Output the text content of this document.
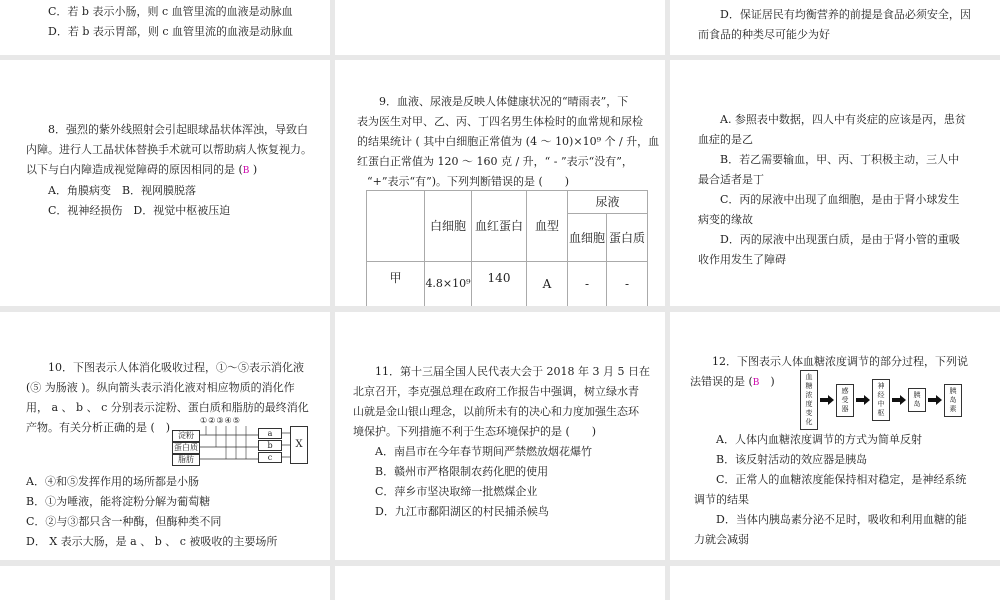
C．若 b 表示小肠，则 c 血管里流的血液是动脉血

D．若 b 表示胃部，则 c 血管里流的血液是动脉血

D．保证居民有均衡营养的前提是食品必须安全，因

而食品的种类尽可能少为好

8．强烈的紫外线照射会引起眼球晶状体浑浊，导致白

内障。进行人工晶状体替换手术就可以帮助病人恢复视力。

以下与白内障造成视觉障碍的原因相同的是 (B )

A．角膜病变　B．视网膜脱落

C．视神经损伤　D．视觉中枢被压迫

9．血液、尿液是反映人体健康状况的“晴雨表”，下

表为医生对甲、乙、丙、丁四名男生体检时的血常规和尿检

的结果统计 ( 其中白细胞正常值为 (4 ～ 10)×10⁹ 个 / 升，血

红蛋白正常值为 120 ～ 160 克 / 升，“ - ”表示“没有”，

“+”表示“有”)。下列判断错误的是 (　　)

	白细胞	血红蛋白	血型	尿液	
				血细胞	蛋白质
甲	4.8×10⁹	140	A	-	-

A. 参照表中数据，四人中有炎症的应该是丙，患贫

血症的是乙

B．若乙需要输血，甲、丙、丁积极主动，三人中

最合适者是丁

C．丙的尿液中出现了血细胞，是由于肾小球发生

病变的缘故

D．丙的尿液中出现蛋白质，是由于肾小管的重吸

收作用发生了障碍

10．下图表示人体消化吸收过程，①～⑤表示消化液

(⑤ 为肠液 )。纵向箭头表示消化液对相应物质的消化作

用， a 、 b 、 c 分别表示淀粉、蛋白质和脂肪的最终消化

产物。有关分析正确的是 (　)

①②③④⑤
淀粉
蛋白质
脂肪
a
b
c
X

A．④和⑤发挥作用的场所都是小肠

B．①为唾液，能将淀粉分解为葡萄糖

C．②与③都只含一种酶，但酶种类不同

D． X 表示大肠，是 a 、 b 、 c 被吸收的主要场所

11．第十三届全国人民代表大会于 2018 年 3 月 5 日在

北京召开，李克强总理在政府工作报告中强调，树立绿水青

山就是金山银山理念，以前所未有的决心和力度加强生态环

境保护。下列措施不利于生态环境保护的是 (　　)

A．南昌市在今年春节期间严禁燃放烟花爆竹

B．赣州市严格限制农药化肥的使用

C．萍乡市坚决取缔一批燃煤企业

D．九江市鄱阳湖区的村民捕杀候鸟

12．下图表示人体血糖浓度调节的部分过程，下列说

法错误的是 (B　)	血糖浓度变化
感受器
神经中枢
胰岛
胰岛素

A．人体内血糖浓度调节的方式为简单反射

B．该反射活动的效应器是胰岛

C．正常人的血糖浓度能保持相对稳定，是神经系统

调节的结果

D．当体内胰岛素分泌不足时，吸收和利用血糖的能

力就会减弱
